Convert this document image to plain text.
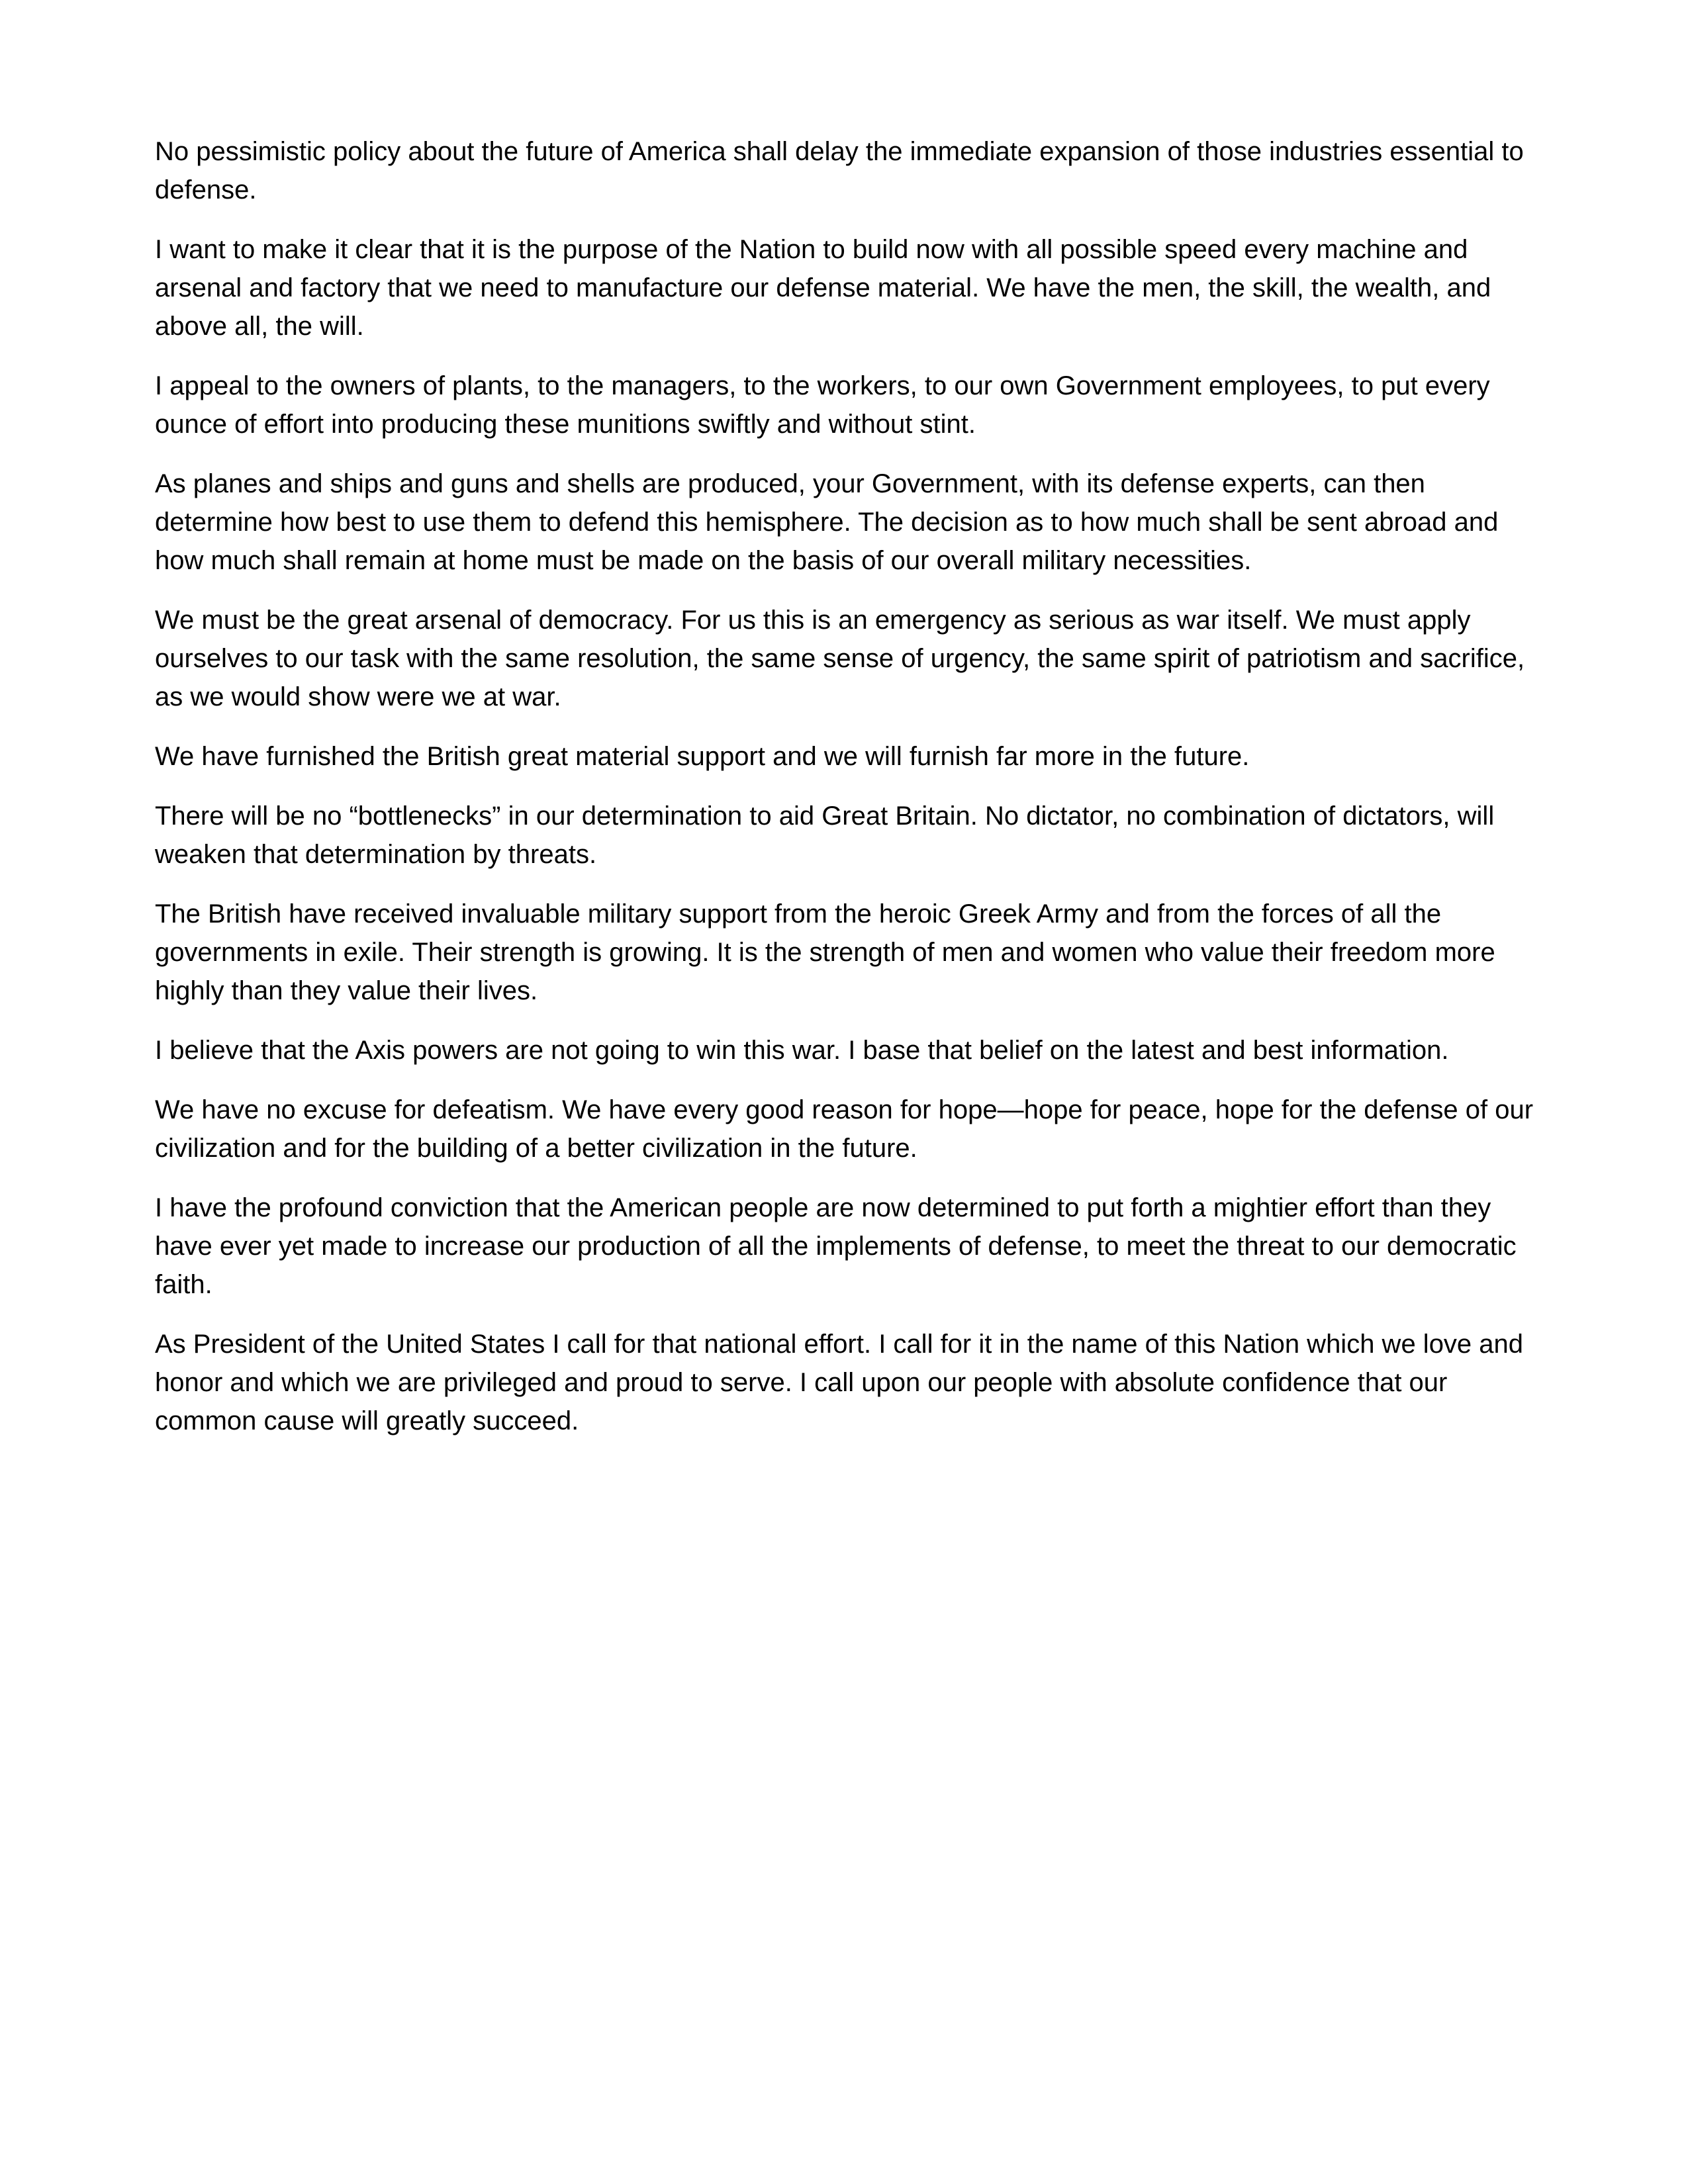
No pessimistic policy about the future of America shall delay the immediate expansion of those industries essential to defense.

I want to make it clear that it is the purpose of the Nation to build now with all possible speed every machine and arsenal and factory that we need to manufacture our defense material. We have the men, the skill, the wealth, and above all, the will.

I appeal to the owners of plants, to the managers, to the workers, to our own Government employees, to put every ounce of effort into producing these munitions swiftly and without stint.

As planes and ships and guns and shells are produced, your Government, with its defense experts, can then determine how best to use them to defend this hemisphere. The decision as to how much shall be sent abroad and how much shall remain at home must be made on the basis of our overall military necessities.

We must be the great arsenal of democracy. For us this is an emergency as serious as war itself. We must apply ourselves to our task with the same resolution, the same sense of urgency, the same spirit of patriotism and sacrifice, as we would show were we at war.

We have furnished the British great material support and we will furnish far more in the future.

There will be no “bottlenecks” in our determination to aid Great Britain. No dictator, no combination of dictators, will weaken that determination by threats.

The British have received invaluable military support from the heroic Greek Army and from the forces of all the governments in exile. Their strength is growing. It is the strength of men and women who value their freedom more highly than they value their lives.

I believe that the Axis powers are not going to win this war. I base that belief on the latest and best information.

We have no excuse for defeatism. We have every good reason for hope—hope for peace, hope for the defense of our civilization and for the building of a better civilization in the future.

I have the profound conviction that the American people are now determined to put forth a mightier effort than they have ever yet made to increase our production of all the implements of defense, to meet the threat to our democratic faith.

As President of the United States I call for that national effort. I call for it in the name of this Nation which we love and honor and which we are privileged and proud to serve. I call upon our people with absolute confidence that our common cause will greatly succeed.
